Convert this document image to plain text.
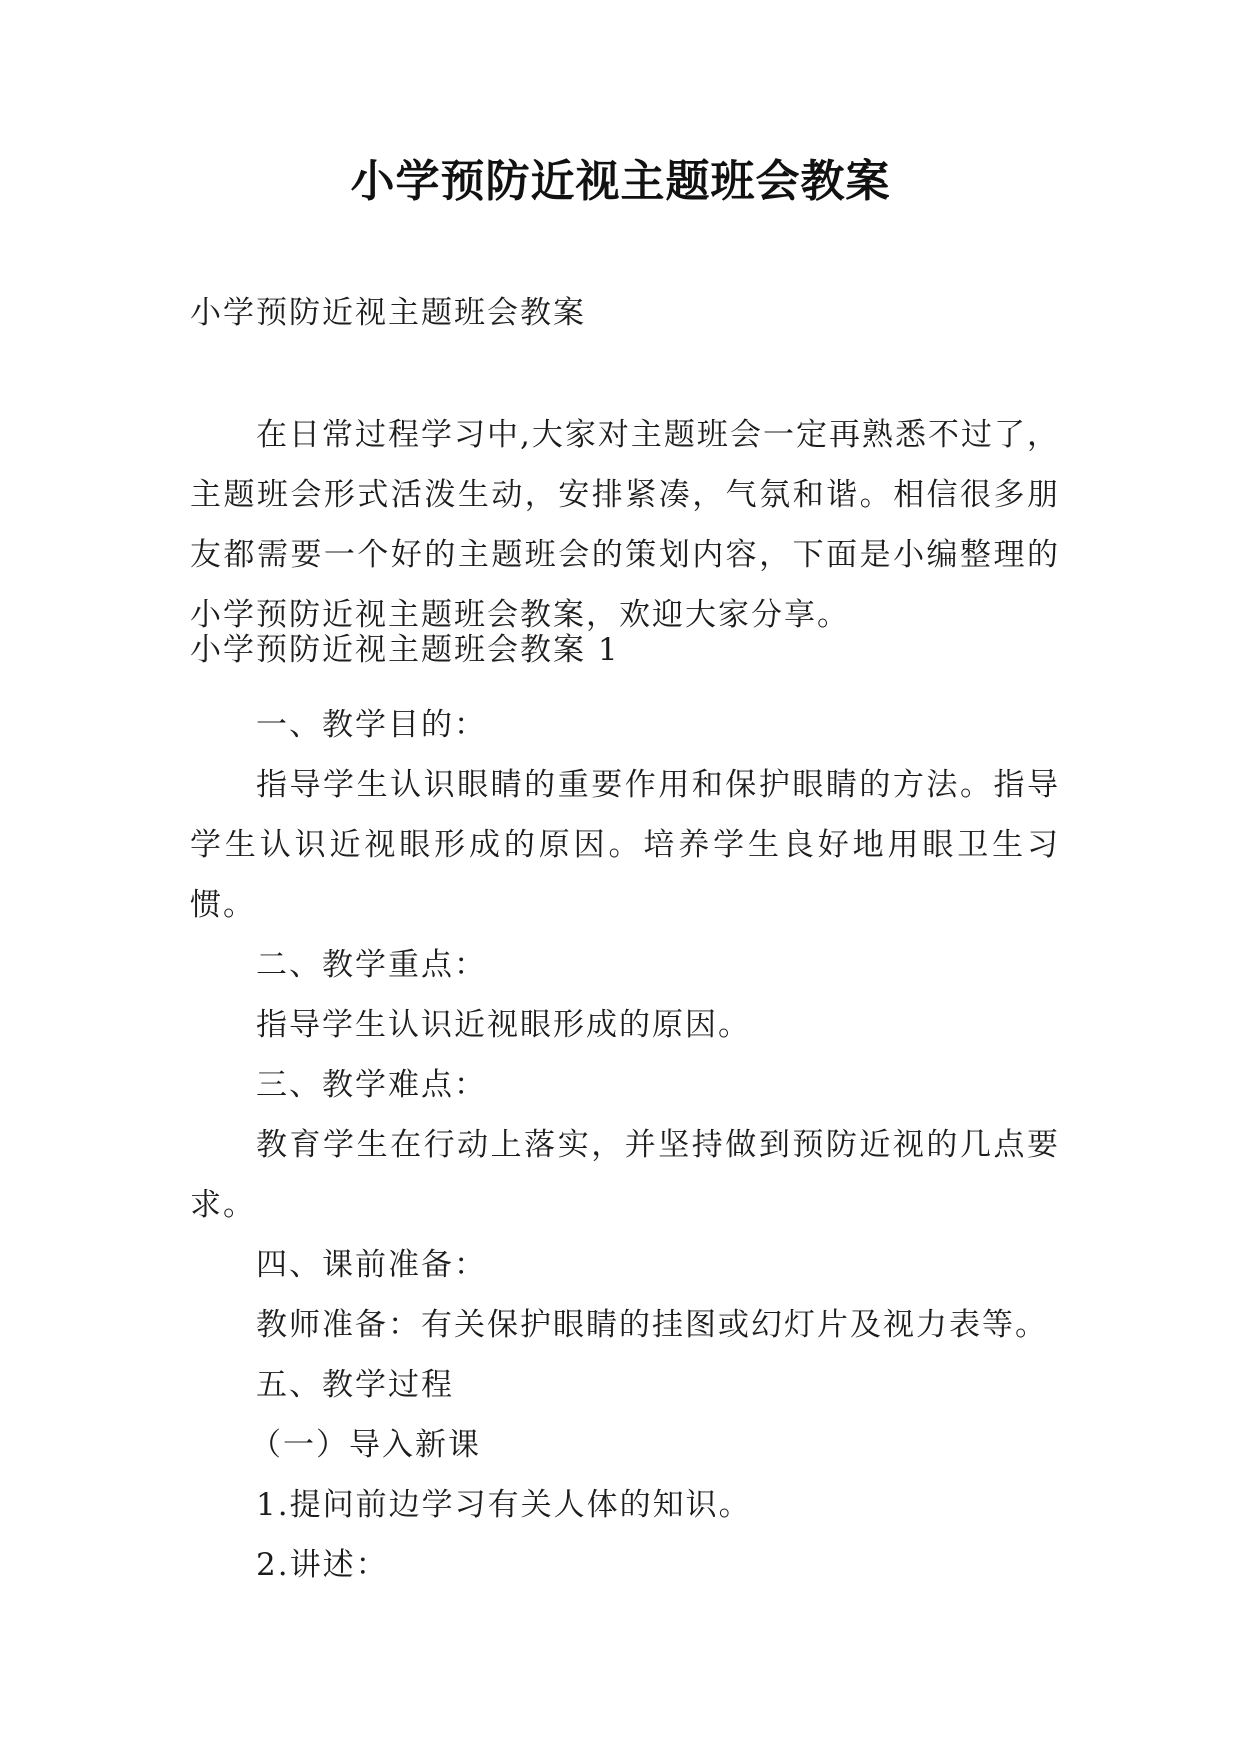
小学预防近视主题班会教案
小学预防近视主题班会教案
在日常过程学习中,大家对主题班会一定再熟悉不过了，主题班会形式活泼生动，安排紧凑，气氛和谐。相信很多朋友都需要一个好的主题班会的策划内容，下面是小编整理的小学预防近视主题班会教案，欢迎大家分享。
小学预防近视主题班会教案 1

一、教学目的：

指导学生认识眼睛的重要作用和保护眼睛的方法。指导学生认识近视眼形成的原因。培养学生良好地用眼卫生习惯。

二、教学重点：

指导学生认识近视眼形成的原因。

三、教学难点：

教育学生在行动上落实，并坚持做到预防近视的几点要求。

四、课前准备：

教师准备：有关保护眼睛的挂图或幻灯片及视力表等。

五、教学过程

（一）导入新课

1.提问前边学习有关人体的知识。

2.讲述：
